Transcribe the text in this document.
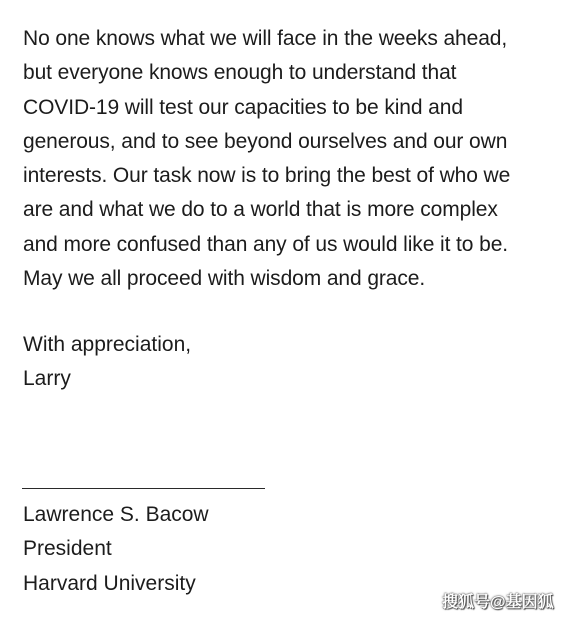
No one knows what we will face in the weeks ahead,
but everyone knows enough to understand that
COVID-19 will test our capacities to be kind and
generous, and to see beyond ourselves and our own
interests. Our task now is to bring the best of who we
are and what we do to a world that is more complex
and more confused than any of us would like it to be.
May we all proceed with wisdom and grace.
With appreciation,
Larry
Lawrence S. Bacow
President
Harvard University
搜狐号@基因狐
